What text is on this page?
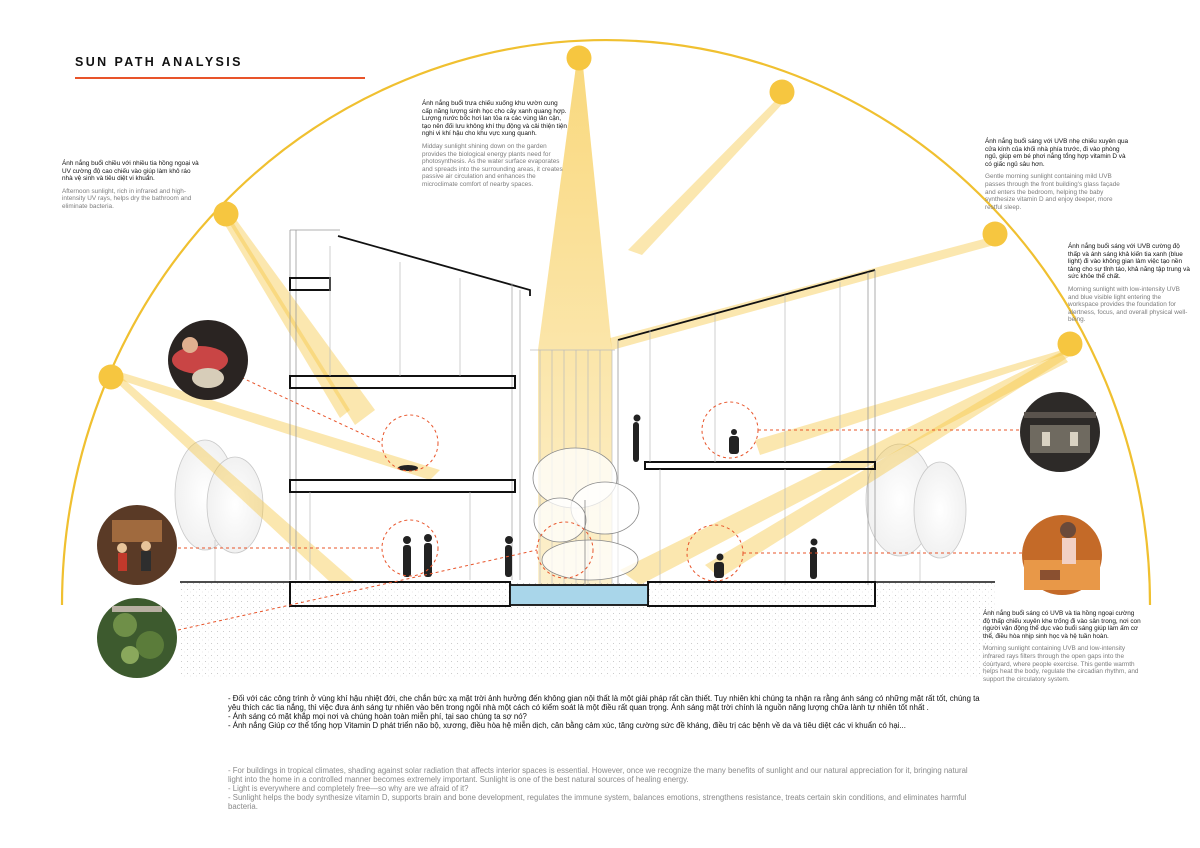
SUN PATH ANALYSIS
Ánh nắng buổi chiều với nhiều tia hồng ngoại và UV cường độ cao chiếu vào giúp làm khô ráo nhà vệ sinh và tiêu diệt vi khuẩn.
Afternoon sunlight, rich in infrared and high-intensity UV rays, helps dry the bathroom and eliminate bacteria.
Ánh nắng buổi trưa chiếu xuống khu vườn cung cấp năng lượng sinh học cho cây xanh quang hợp. Lượng nước bốc hơi lan tỏa ra các vùng lân cận, tạo nên đối lưu không khí thụ động và cải thiện tiện nghi vi khí hậu cho khu vực xung quanh.
Midday sunlight shining down on the garden provides the biological energy plants need for photosynthesis. As the water surface evaporates and spreads into the surrounding areas, it creates passive air circulation and enhances the microclimate comfort of nearby spaces.
Ánh nắng buổi sáng với UVB nhẹ chiếu xuyên qua cửa kính của khối nhà phía trước, đi vào phòng ngủ, giúp em bé phơi nắng tổng hợp vitamin D và có giấc ngủ sâu hơn.
Gentle morning sunlight containing mild UVB passes through the front building's glass façade and enters the bedroom, helping the baby synthesize vitamin D and enjoy deeper, more restful sleep.
Ánh nắng buổi sáng với UVB cường độ thấp và ánh sáng khả kiến tia xanh (blue light) đi vào không gian làm việc tạo nền tảng cho sự tỉnh táo, khả năng tập trung và sức khỏe thể chất.
Morning sunlight with low-intensity UVB and blue visible light entering the workspace provides the foundation for alertness, focus, and overall physical well-being.
Ánh nắng buổi sáng có UVB và tia hồng ngoại cường độ thấp chiếu xuyên khe trống đi vào sân trong, nơi con người vận động thể dục vào buổi sáng giúp làm ấm cơ thể, điều hòa nhịp sinh học và hệ tuần hoàn.
Morning sunlight containing UVB and low-intensity infrared rays filters through the open gaps into the courtyard, where people exercise. This gentle warmth helps heat the body, regulate the circadian rhythm, and support the circulatory system.

- Đối với các công trình ở vùng khí hậu nhiệt đới, che chắn bức xạ mặt trời ảnh hưởng đến không gian nội thất là một giải pháp rất cần thiết. Tuy nhiên khi chúng ta nhận ra rằng ánh sáng có những mặt rất tốt, chúng ta yêu thích các tia nắng, thì việc đưa ánh sáng tự nhiên vào bên trong ngôi nhà một cách có kiểm soát là một điều rất quan trọng. Ánh sáng mặt trời chính là nguồn năng lượng chữa lành tự nhiên tốt nhất .

- Ánh sáng có mặt khắp mọi nơi và chúng hoàn toàn miễn phí, tại sao chúng ta sợ nó?

- Ánh nắng Giúp cơ thể tổng hợp Vitamin D phát triển não bộ, xương, điều hòa hệ miễn dịch, cân bằng cảm xúc, tăng cường sức đề kháng, điều trị các bệnh về da và tiêu diệt các vi khuẩn có hại...

- For buildings in tropical climates, shading against solar radiation that affects interior spaces is essential. However, once we recognize the many benefits of sunlight and our natural appreciation for it, bringing natural light into the home in a controlled manner becomes extremely important. Sunlight is one of the best natural sources of healing energy.

- Light is everywhere and completely free—so why are we afraid of it?

- Sunlight helps the body synthesize vitamin D, supports brain and bone development, regulates the immune system, balances emotions, strengthens resistance, treats certain skin conditions, and eliminates harmful bacteria.
